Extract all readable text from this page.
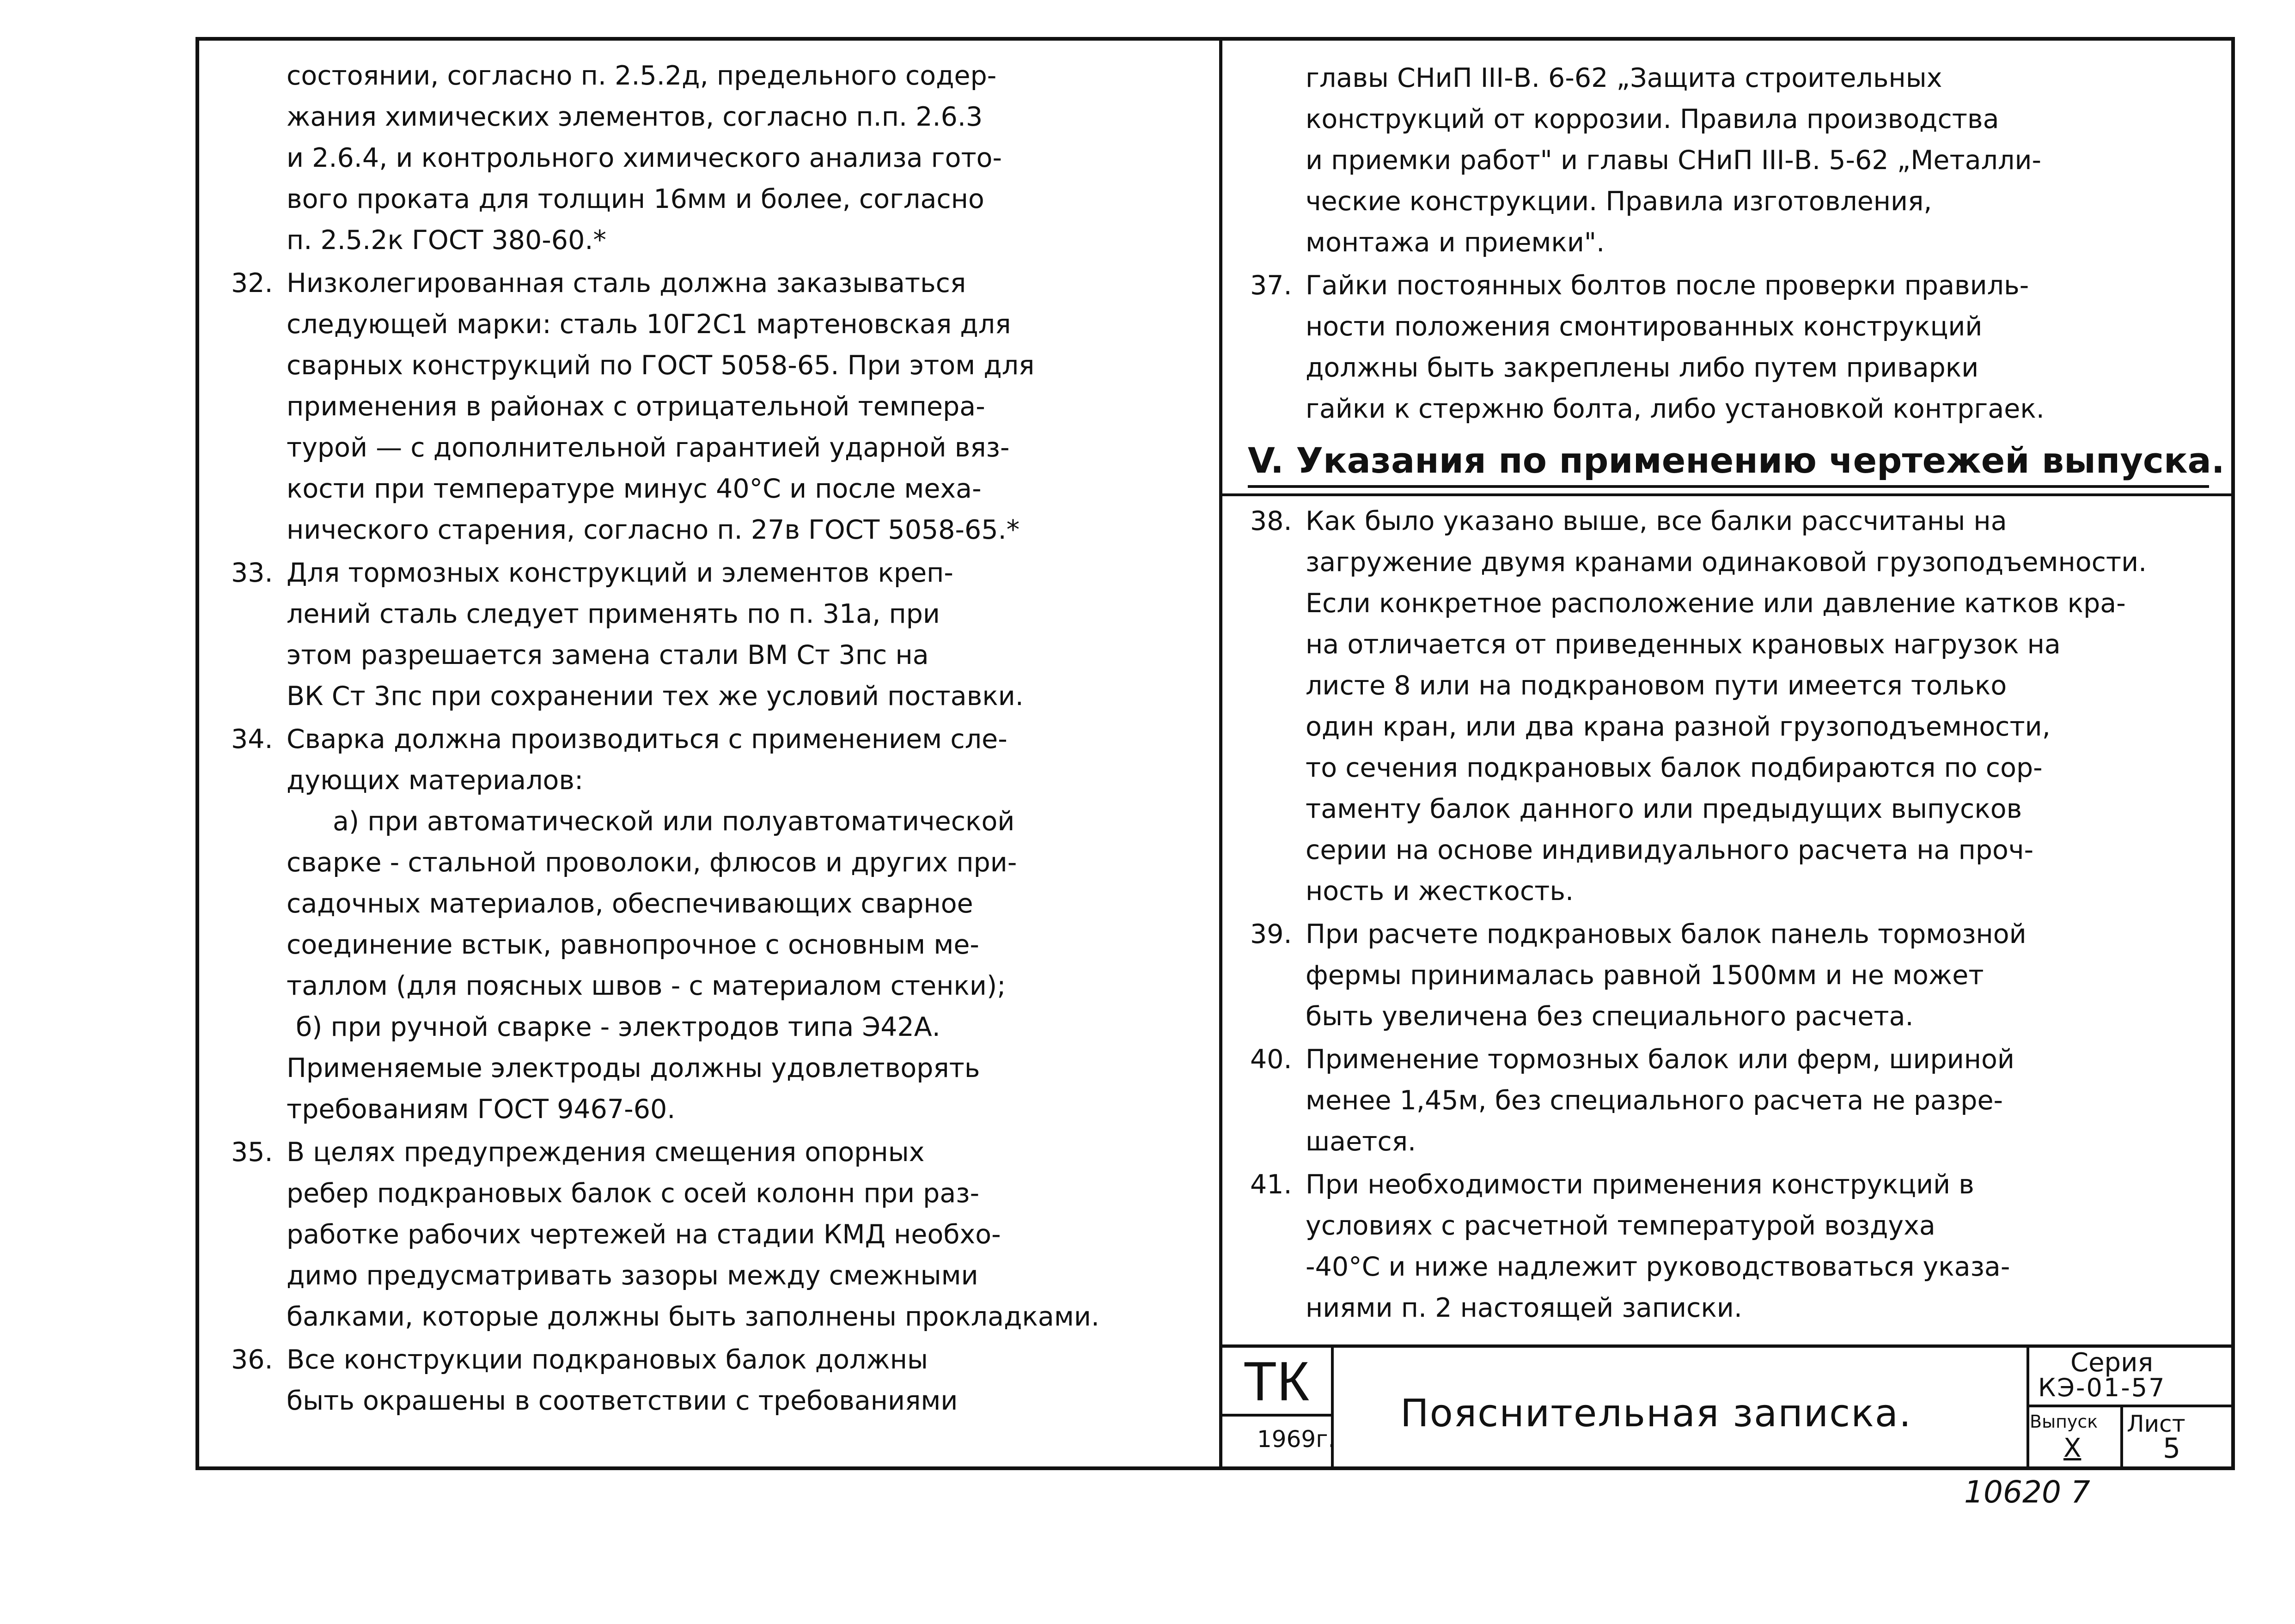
состоянии, согласно п. 2.5.2д, предельного содер-
жания химических элементов, согласно п.п. 2.6.3
и 2.6.4, и контрольного химического анализа гото-
вого проката для толщин 16мм и более, согласно
п. 2.5.2к ГОСТ 380-60.*
32. Низколегированная сталь должна заказываться
следующей марки: сталь 10Г2С1 мартеновская для
сварных конструкций по ГОСТ 5058-65. При этом для
применения в районах с отрицательной темпера-
турой — с дополнительной гарантией ударной вяз-
кости при температуре минус 40°С и после меха-
нического старения, согласно п. 27в ГОСТ 5058-65.*
33. Для тормозных конструкций и элементов креп-
лений сталь следует применять по п. 31а, при
этом разрешается замена стали ВМ Ст 3пс на
ВК Ст 3пс при сохранении тех же условий поставки.
34. Сварка должна производиться с применением сле-
дующих материалов:
а) при автоматической или полуавтоматической
сварке - стальной проволоки, флюсов и других при-
садочных материалов, обеспечивающих сварное
соединение встык, равнопрочное с основным ме-
таллом (для поясных швов - с материалом стенки);
б) при ручной сварке - электродов типа Э42А.
Применяемые электроды должны удовлетворять
требованиям ГОСТ 9467-60.
35. В целях предупреждения смещения опорных
ребер подкрановых балок с осей колонн при раз-
работке рабочих чертежей на стадии КМД необхо-
димо предусматривать зазоры между смежными
балками, которые должны быть заполнены прокладками.
36. Все конструкции подкрановых балок должны
быть окрашены в соответствии с требованиями
главы СНиП III-В. 6-62 „Защита строительных
конструкций от коррозии. Правила производства
и приемки работ" и главы СНиП III-В. 5-62 „Металли-
ческие конструкции. Правила изготовления,
монтажа и приемки".
37. Гайки постоянных болтов после проверки правиль-
ности положения смонтированных конструкций
должны быть закреплены либо путем приварки
гайки к стержню болта, либо установкой контргаек.
V. Указания по применению чертежей выпуска.
38. Как было указано выше, все балки рассчитаны на
загружение двумя кранами одинаковой грузоподъемности.
Если конкретное расположение или давление катков кра-
на отличается от приведенных крановых нагрузок на
листе 8 или на подкрановом пути имеется только
один кран, или два крана разной грузоподъемности,
то сечения подкрановых балок подбираются по сор-
таменту балок данного или предыдущих выпусков
серии на основе индивидуального расчета на проч-
ность и жесткость.
39. При расчете подкрановых балок панель тормозной
фермы принималась равной 1500мм и не может
быть увеличена без специального расчета.
40. Применение тормозных балок или ферм, шириной
менее 1,45м, без специального расчета не разре-
шается.
41. При необходимости применения конструкций в
условиях с расчетной температурой воздуха
-40°С и ниже надлежит руководствоваться указа-
ниями п. 2 настоящей записки.
ТК
1969г.
Пояснительная записка.
Серия
КЭ-01-57
Выпуск
X
Лист
5
10620 7
